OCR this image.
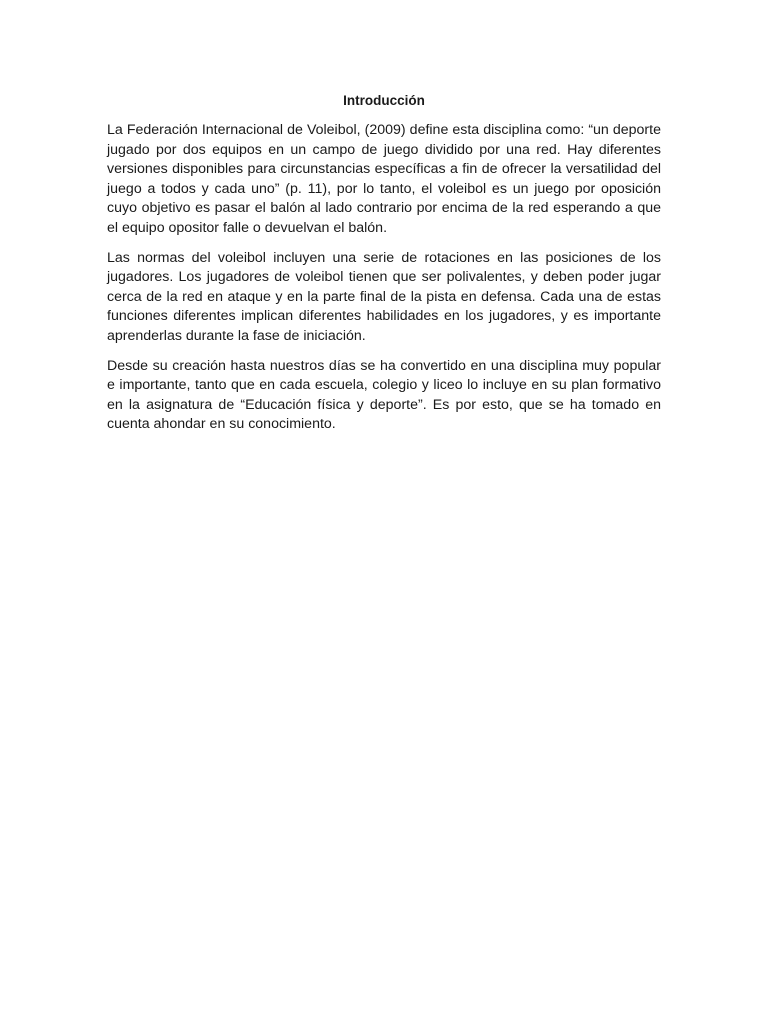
Introducción

La Federación Internacional de Voleibol, (2009) define esta disciplina como: “un deporte jugado por dos equipos en un campo de juego dividido por una red. Hay diferentes versiones disponibles para circunstancias específicas a fin de ofrecer la versatilidad del juego a todos y cada uno” (p. 11), por lo tanto, el voleibol es un juego por oposición cuyo objetivo es pasar el balón al lado contrario por encima de la red esperando a que el equipo opositor falle o devuelvan el balón.

Las normas del voleibol incluyen una serie de rotaciones en las posiciones de los jugadores. Los jugadores de voleibol tienen que ser polivalentes, y deben poder jugar cerca de la red en ataque y en la parte final de la pista en defensa. Cada una de estas funciones diferentes implican diferentes habilidades en los jugadores, y es importante aprenderlas durante la fase de iniciación.

Desde su creación hasta nuestros días se ha convertido en una disciplina muy popular e importante, tanto que en cada escuela, colegio y liceo lo incluye en su plan formativo en la asignatura de “Educación física y deporte”. Es por esto, que se ha tomado en cuenta ahondar en su conocimiento.
